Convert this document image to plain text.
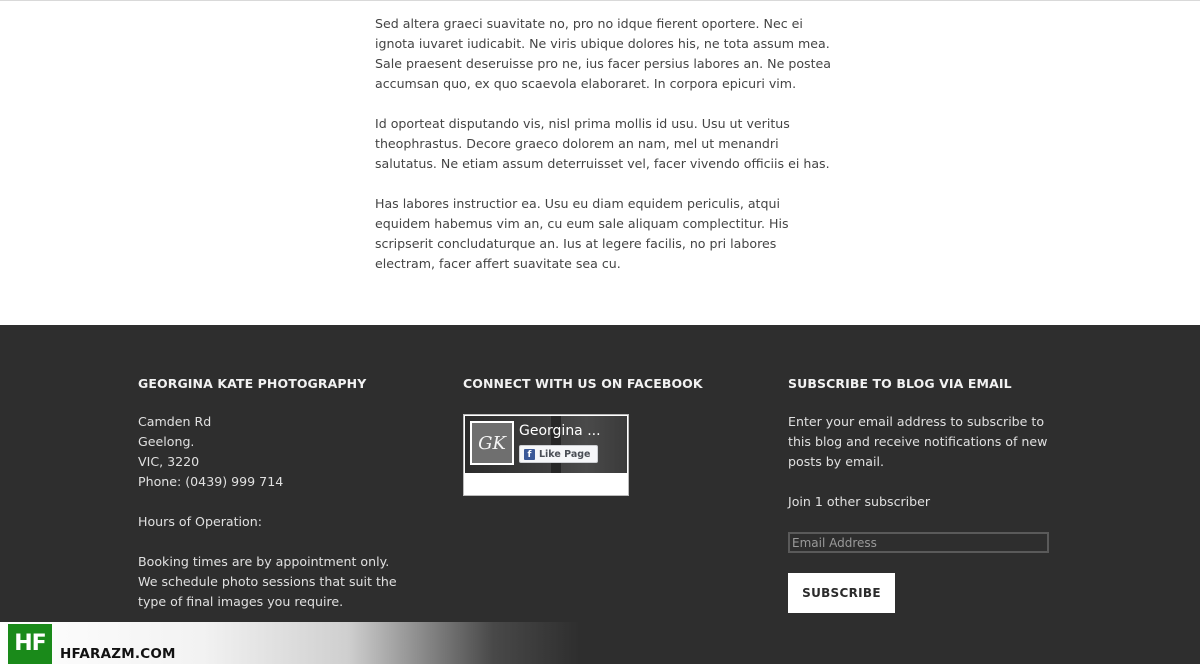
Sed altera graeci suavitate no, pro no idque fierent oportere. Nec ei ignota iuvaret iudicabit. Ne viris ubique dolores his, ne tota assum mea. Sale praesent deseruisse pro ne, ius facer persius labores an. Ne postea accumsan quo, ex quo scaevola elaboraret. In corpora epicuri vim.

Id oporteat disputando vis, nisl prima mollis id usu. Usu ut veritus theophrastus. Decore graeco dolorem an nam, mel ut menandri salutatus. Ne etiam assum deterruisset vel, facer vivendo officiis ei has.

Has labores instructior ea. Usu eu diam equidem periculis, atqui equidem habemus vim an, cu eum sale aliquam complectitur. His scripserit concludaturque an. Ius at legere facilis, no pri labores electram, facer affert suavitate sea cu.

GEORGINA KATE PHOTOGRAPHY
Camden Rd
Geelong.
VIC, 3220
Phone: (0439) 999 714
Hours of Operation:
Booking times are by appointment only. We schedule photo sessions that suit the type of final images you require.
CONNECT WITH US ON FACEBOOK
GK
Georgina ...
f Like Page
SUBSCRIBE TO BLOG VIA EMAIL
Enter your email address to subscribe to this blog and receive notifications of new posts by email.
Join 1 other subscriber
Email Address SUBSCRIBE
HF	HFARAZM.COM
